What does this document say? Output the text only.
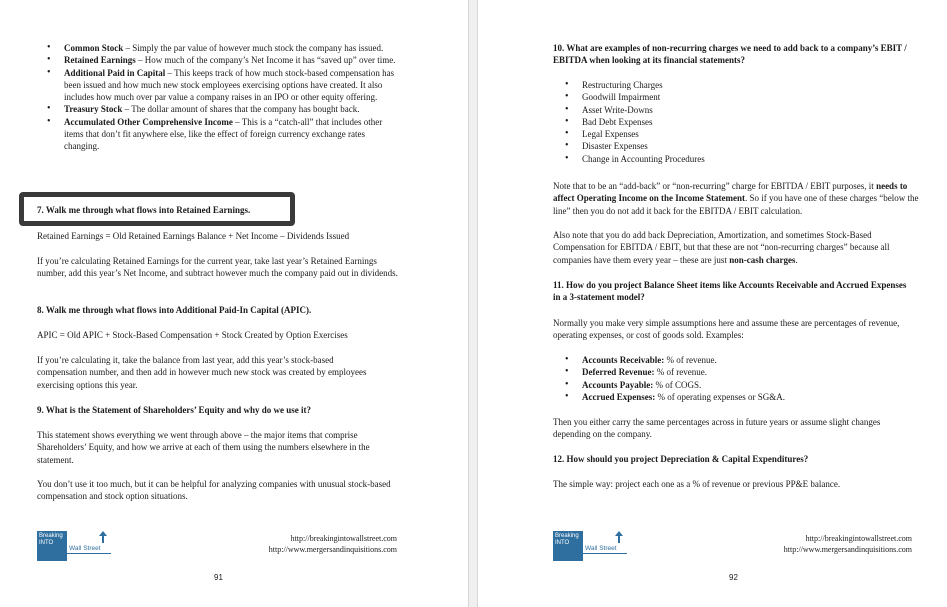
• Common Stock – Simply the par value of however much stock the company has issued.
• Retained Earnings – How much of the company’s Net Income it has “saved up” over time.
• Additional Paid in Capital – This keeps track of how much stock-based compensation has been issued and how much new stock employees exercising options have created. It also includes how much over par value a company raises in an IPO or other equity offering.
• Treasury Stock – The dollar amount of shares that the company has bought back.
• Accumulated Other Comprehensive Income – This is a “catch-all” that includes other items that don’t fit anywhere else, like the effect of foreign currency exchange rates changing.
7. Walk me through what flows into Retained Earnings.
Retained Earnings = Old Retained Earnings Balance + Net Income – Dividends Issued
If you’re calculating Retained Earnings for the current year, take last year’s Retained Earnings number, add this year’s Net Income, and subtract however much the company paid out in dividends.
8. Walk me through what flows into Additional Paid-In Capital (APIC).
APIC = Old APIC + Stock-Based Compensation + Stock Created by Option Exercises
If you’re calculating it, take the balance from last year, add this year’s stock-based compensation number, and then add in however much new stock was created by employees exercising options this year.
9. What is the Statement of Shareholders’ Equity and why do we use it?
This statement shows everything we went through above – the major items that comprise Shareholders’ Equity, and how we arrive at each of them using the numbers elsewhere in the statement.
You don’t use it too much, but it can be helpful for analyzing companies with unusual stock-based compensation and stock option situations.
Breaking INTO
Wall Street
http://breakingintowallstreet.com
http://www.mergersandinquisitions.com
91
10. What are examples of non-recurring charges we need to add back to a company’s EBIT / EBITDA when looking at its financial statements?
• Restructuring Charges
• Goodwill Impairment
• Asset Write-Downs
• Bad Debt Expenses
• Legal Expenses
• Disaster Expenses
• Change in Accounting Procedures
Note that to be an “add-back” or “non-recurring” charge for EBITDA / EBIT purposes, it needs to affect Operating Income on the Income Statement. So if you have one of these charges “below the line” then you do not add it back for the EBITDA / EBIT calculation.
Also note that you do add back Depreciation, Amortization, and sometimes Stock-Based Compensation for EBITDA / EBIT, but that these are not “non-recurring charges” because all companies have them every year – these are just non-cash charges.
11. How do you project Balance Sheet items like Accounts Receivable and Accrued Expenses in a 3-statement model?
Normally you make very simple assumptions here and assume these are percentages of revenue, operating expenses, or cost of goods sold. Examples:
• Accounts Receivable: % of revenue.
• Deferred Revenue: % of revenue.
• Accounts Payable: % of COGS.
• Accrued Expenses: % of operating expenses or SG&A.
Then you either carry the same percentages across in future years or assume slight changes depending on the company.
12. How should you project Depreciation & Capital Expenditures?
The simple way: project each one as a % of revenue or previous PP&E balance.
Breaking INTO
Wall Street
http://breakingintowallstreet.com
http://www.mergersandinquisitions.com
92
